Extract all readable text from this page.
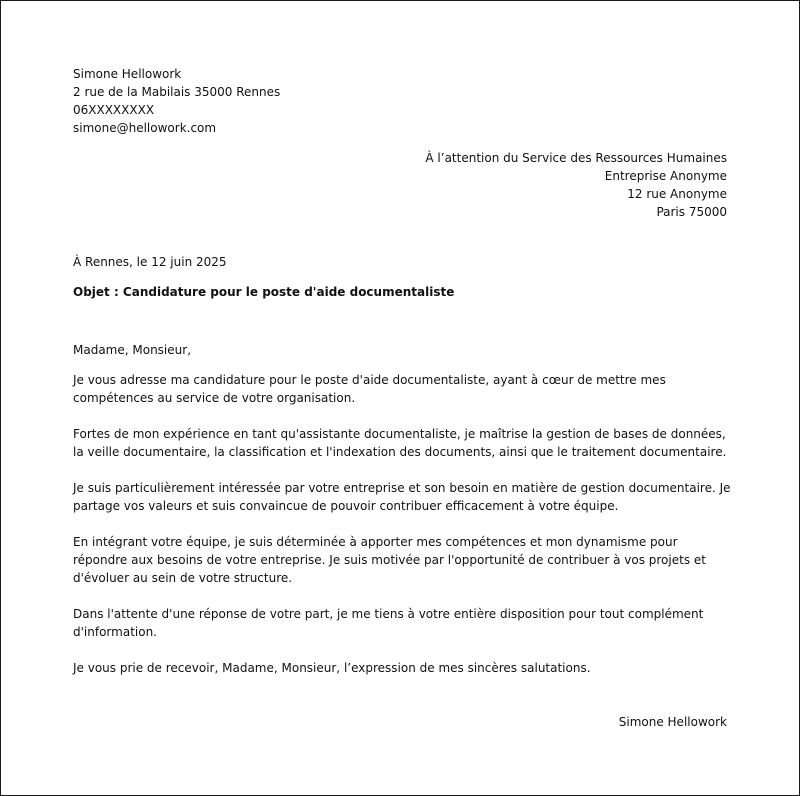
Simone Hellowork
2 rue de la Mabilais 35000 Rennes
06XXXXXXXX
simone@hellowork.com
À l’attention du Service des Ressources Humaines
Entreprise Anonyme
12 rue Anonyme
Paris 75000
À Rennes, le 12 juin 2025
Objet : Candidature pour le poste d'aide documentaliste

Madame, Monsieur,

Je vous adresse ma candidature pour le poste d'aide documentaliste, ayant à cœur de mettre mes compétences au service de votre organisation.

Fortes de mon expérience en tant qu'assistante documentaliste, je maîtrise la gestion de bases de données, la veille documentaire, la classification et l'indexation des documents, ainsi que le traitement documentaire.

Je suis particulièrement intéressée par votre entreprise et son besoin en matière de gestion documentaire. Je partage vos valeurs et suis convaincue de pouvoir contribuer efficacement à votre équipe.

En intégrant votre équipe, je suis déterminée à apporter mes compétences et mon dynamisme pour répondre aux besoins de votre entreprise. Je suis motivée par l'opportunité de contribuer à vos projets et d'évoluer au sein de votre structure.

Dans l'attente d'une réponse de votre part, je me tiens à votre entière disposition pour tout complément d'information.

Je vous prie de recevoir, Madame, Monsieur, l’expression de mes sincères salutations.

Simone Hellowork
